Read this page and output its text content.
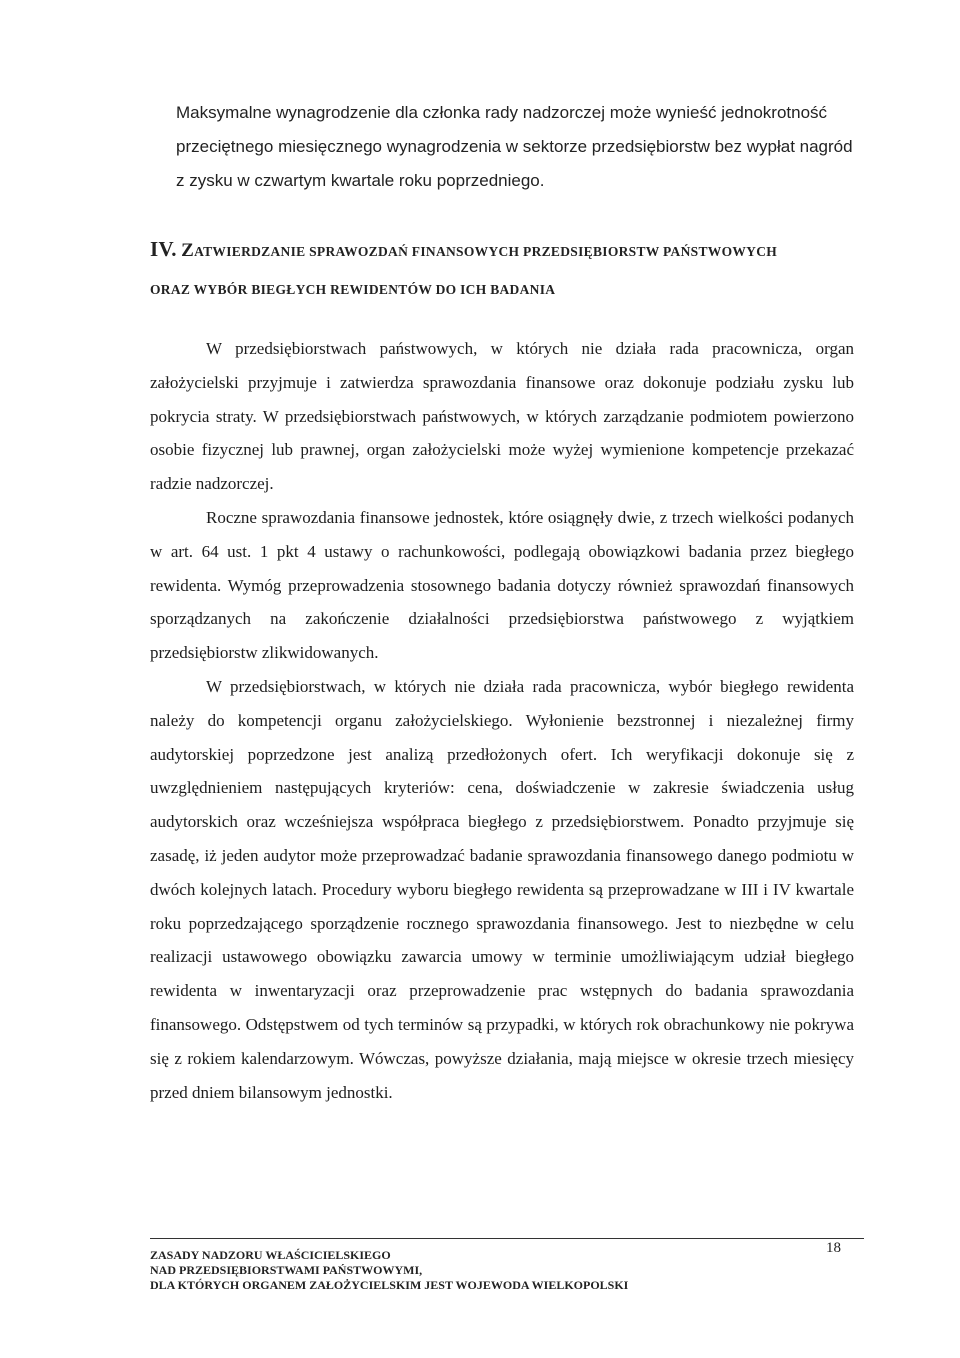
Maksymalne wynagrodzenie dla członka rady nadzorczej może wynieść jednokrotność

przeciętnego miesięcznego wynagrodzenia w sektorze przedsiębiorstw bez wypłat nagród

z zysku w czwartym kwartale roku poprzedniego.

IV. ZATWIERDZANIE SPRAWOZDAŃ FINANSOWYCH PRZEDSIĘBIORSTW PAŃSTWOWYCH
ORAZ WYBÓR BIEGŁYCH REWIDENTÓW DO ICH BADANIA

W przedsiębiorstwach państwowych, w których nie działa rada pracownicza, organ założycielski przyjmuje i zatwierdza sprawozdania finansowe oraz dokonuje podziału zysku lub pokrycia straty. W przedsiębiorstwach państwowych, w których zarządzanie podmiotem powierzono osobie fizycznej lub prawnej, organ założycielski może wyżej wymienione kompetencje przekazać radzie nadzorczej.

Roczne sprawozdania finansowe jednostek, które osiągnęły dwie, z trzech wielkości podanych w art. 64 ust. 1 pkt 4 ustawy o rachunkowości, podlegają obowiązkowi badania przez biegłego rewidenta. Wymóg przeprowadzenia stosownego badania dotyczy również sprawozdań finansowych sporządzanych na zakończenie działalności przedsiębiorstwa państwowego z wyjątkiem przedsiębiorstw zlikwidowanych.

W przedsiębiorstwach, w których nie działa rada pracownicza, wybór biegłego rewidenta należy do kompetencji organu założycielskiego. Wyłonienie bezstronnej i niezależnej firmy audytorskiej poprzedzone jest analizą przedłożonych ofert. Ich weryfikacji dokonuje się z uwzględnieniem następujących kryteriów: cena, doświadczenie w zakresie świadczenia usług audytorskich oraz wcześniejsza współpraca biegłego z przedsiębiorstwem. Ponadto przyjmuje się zasadę, iż jeden audytor może przeprowadzać badanie sprawozdania finansowego danego podmiotu w dwóch kolejnych latach. Procedury wyboru biegłego rewidenta są przeprowadzane w III i IV kwartale roku poprzedzającego sporządzenie rocznego sprawozdania finansowego. Jest to niezbędne w celu realizacji ustawowego obowiązku zawarcia umowy w terminie umożliwiającym udział biegłego rewidenta w inwentaryzacji oraz przeprowadzenie prac wstępnych do badania sprawozdania finansowego. Odstępstwem od tych terminów są przypadki, w których rok obrachunkowy nie pokrywa się z rokiem kalendarzowym. Wówczas, powyższe działania, mają miejsce w okresie trzech miesięcy przed dniem bilansowym jednostki.

ZASADY NADZORU WŁAŚCICIELSKIEGO
NAD PRZEDSIĘBIORSTWAMI PAŃSTWOWYMI,
DLA KTÓRYCH ORGANEM ZAŁOŻYCIELSKIM JEST WOJEWODA WIELKOPOLSKI
18
